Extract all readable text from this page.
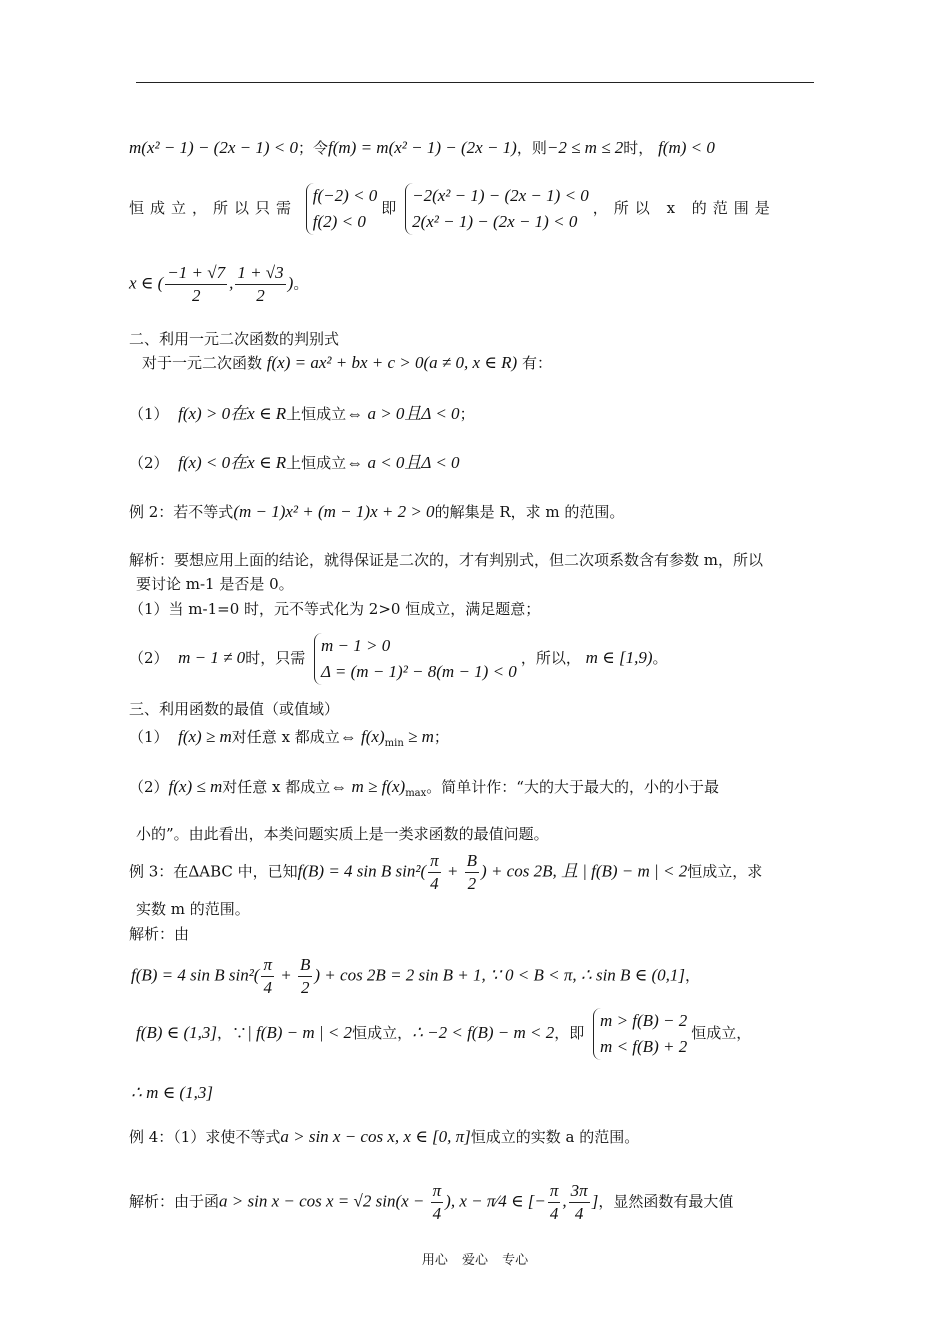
m(x² − 1) − (2x − 1) < 0；令f(m) = m(x² − 1) − (2x − 1)，则−2 ≤ m ≤ 2时， f(m) < 0
恒成立，所以只需
f(−2) < 0
f(2) < 0
即
−2(x² − 1) − (2x − 1) < 0
2(x² − 1) − (2x − 1) < 0
，所以 x 的范围是
x ∈ ( $\frac{-1 + √7}{2}$ , $\frac{1 + √3}{2}$ )。
二、利用一元二次函数的判别式
对于一元二次函数 f(x) = ax² + bx + c > 0(a ≠ 0, x ∈ R) 有：
（1） f(x) > 0在x ∈ R上恒成立⇔ a > 0且Δ < 0；
（2） f(x) < 0在x ∈ R上恒成立⇔ a < 0且Δ < 0
例 2：若不等式(m − 1)x² + (m − 1)x + 2 > 0的解集是 R，求 m 的范围。
解析：要想应用上面的结论，就得保证是二次的，才有判别式，但二次项系数含有参数 m，所以
要讨论 m-1 是否是 0。
（1）当 m-1=0 时，元不等式化为 2>0 恒成立，满足题意；
（2） m − 1 ≠ 0时，只需
m − 1 > 0
Δ = (m − 1)² − 8(m − 1) < 0
，所以， m ∈ [1,9)。
三、利用函数的最值（或值域）
（1） f(x) ≥ m对任意 x 都成立⇔ $f(x)_{min} \ge m$；
（2）f(x) ≤ m对任意 x 都成立⇔ $m \ge f(x)_{max}$。简单计作：“大的大于最大的，小的小于最
小的”。由此看出，本类问题实质上是一类求函数的最值问题。
例 3：在ΔABC 中，已知f(B) = 4 sin B $\sin^2( \frac{\pi}{4} + \frac{B}{2}$ ) + cos 2B, 且 | f(B) − m | < 2恒成立，求
实数 m 的范围。
解析：由
f(B) = 4 sin B $\sin^2( \frac{\pi}{4} + \frac{B}{2}$ ) + cos 2B = 2 sin B + 1, ∵ 0 < B < π, ∴ sin B ∈ (0,1]，
f(B) ∈ (1,3]，∵| f(B) − m | < 2恒成立，∴ −2 < f(B) − m < 2，即
m > f(B) − 2
m < f(B) + 2
恒成立，
∴ m ∈ (1,3]
例 4：（1）求使不等式a > sin x − cos x, x ∈ [0, π]恒成立的实数 a 的范围。
解析：由于函a > sin x − cos x = √2 $\sin(x - \frac{\pi}{4}$ ), x − π⁄4 ∈ [− $\frac{\pi}{4}$ , $\frac{3\pi}{4}$ ]，显然函数有最大值
用心 爱心 专心
